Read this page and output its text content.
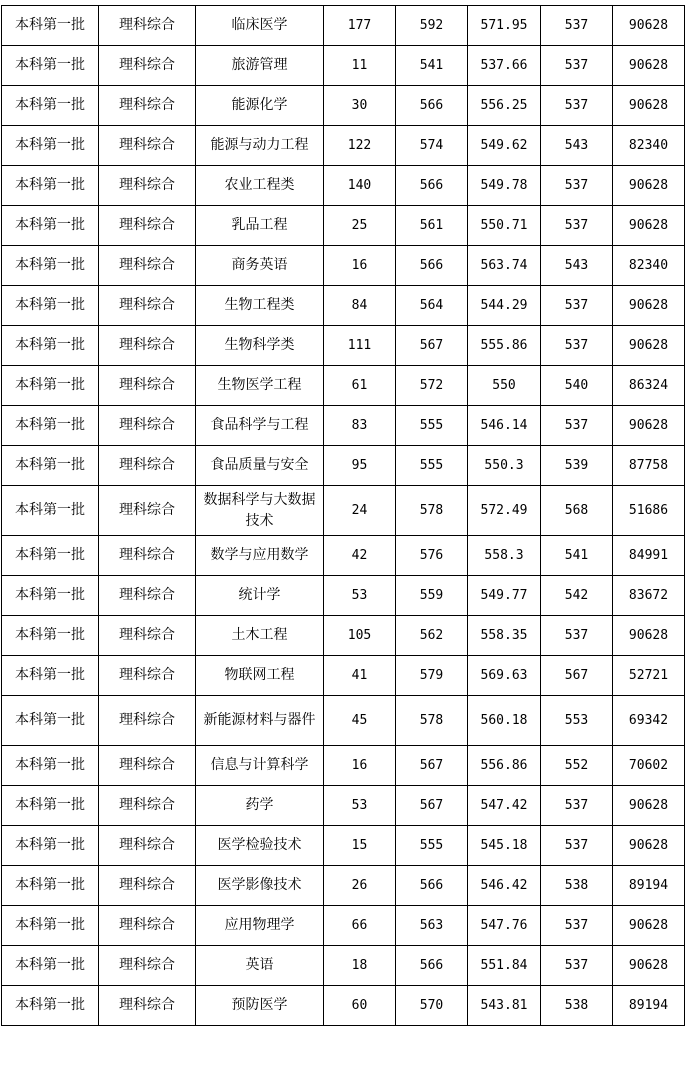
本科第一批	理科综合	临床医学	177	592	571.95	537	90628
本科第一批	理科综合	旅游管理	11	541	537.66	537	90628
本科第一批	理科综合	能源化学	30	566	556.25	537	90628
本科第一批	理科综合	能源与动力工程	122	574	549.62	543	82340
本科第一批	理科综合	农业工程类	140	566	549.78	537	90628
本科第一批	理科综合	乳品工程	25	561	550.71	537	90628
本科第一批	理科综合	商务英语	16	566	563.74	543	82340
本科第一批	理科综合	生物工程类	84	564	544.29	537	90628
本科第一批	理科综合	生物科学类	111	567	555.86	537	90628
本科第一批	理科综合	生物医学工程	61	572	550	540	86324
本科第一批	理科综合	食品科学与工程	83	555	546.14	537	90628
本科第一批	理科综合	食品质量与安全	95	555	550.3	539	87758
本科第一批	理科综合	数据科学与大数据技术	24	578	572.49	568	51686
本科第一批	理科综合	数学与应用数学	42	576	558.3	541	84991
本科第一批	理科综合	统计学	53	559	549.77	542	83672
本科第一批	理科综合	土木工程	105	562	558.35	537	90628
本科第一批	理科综合	物联网工程	41	579	569.63	567	52721
本科第一批	理科综合	新能源材料与器件	45	578	560.18	553	69342
本科第一批	理科综合	信息与计算科学	16	567	556.86	552	70602
本科第一批	理科综合	药学	53	567	547.42	537	90628
本科第一批	理科综合	医学检验技术	15	555	545.18	537	90628
本科第一批	理科综合	医学影像技术	26	566	546.42	538	89194
本科第一批	理科综合	应用物理学	66	563	547.76	537	90628
本科第一批	理科综合	英语	18	566	551.84	537	90628
本科第一批	理科综合	预防医学	60	570	543.81	538	89194
